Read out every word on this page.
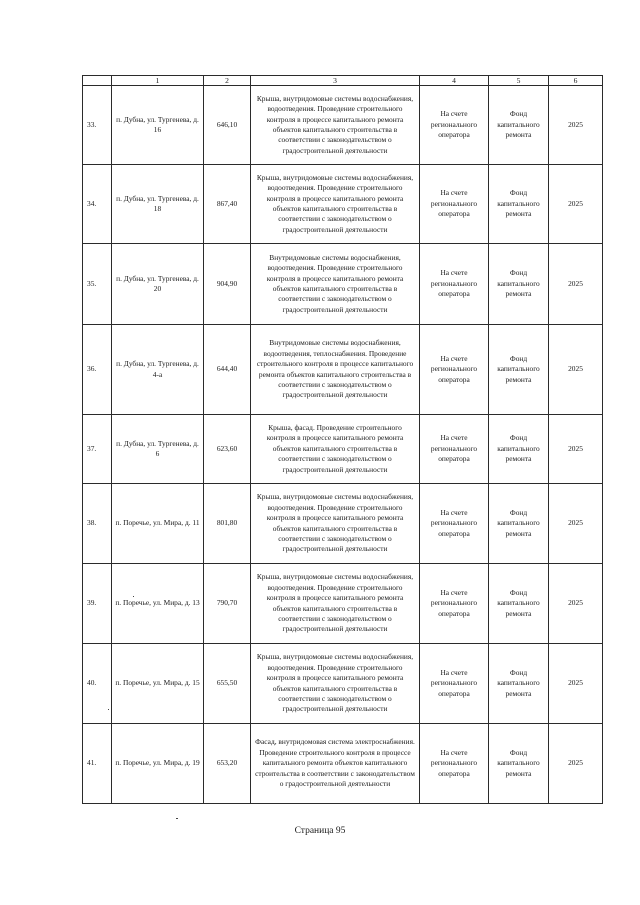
	1	2	3	4	5	6
33.	п. Дубна, ул. Тургенева, д. 16	646,10	Крыша, внутридомовые системы водоснабжения, водоотведения. Проведение строительного контроля в процессе капитального ремонта объектов капитального строительства в соответствии с законодательством о градостроительной деятельности	На счете регионального оператора	Фонд капитального ремонта	2025
34.	п. Дубна, ул. Тургенева, д. 18	867,40	Крыша, внутридомовые системы водоснабжения, водоотведения. Проведение строительного контроля в процессе капитального ремонта объектов капитального строительства в соответствии с законодательством о градостроительной деятельности	На счете регионального оператора	Фонд капитального ремонта	2025
35.	п. Дубна, ул. Тургенева, д. 20	904,90	Внутридомовые системы водоснабжения, водоотведения. Проведение строительного контроля в процессе капитального ремонта объектов капитального строительства в соответствии с законодательством о градостроительной деятельности	На счете регионального оператора	Фонд капитального ремонта	2025
36.	п. Дубна, ул. Тургенева, д. 4-а	644,40	Внутридомовые системы водоснабжения, водоотведения, теплоснабжения. Проведение строительного контроля в процессе капитального ремонта объектов капитального строительства в соответствии с законодательством о градостроительной деятельности	На счете регионального оператора	Фонд капитального ремонта	2025
37.	п. Дубна, ул. Тургенева, д. 6	623,60	Крыша, фасад. Проведение строительного контроля в процессе капитального ремонта объектов капитального строительства в соответствии с законодательством о градостроительной деятельности	На счете регионального оператора	Фонд капитального ремонта	2025
38.	п. Поречье, ул. Мира, д. 11	801,80	Крыша, внутридомовые системы водоснабжения, водоотведения. Проведение строительного контроля в процессе капитального ремонта объектов капитального строительства в соответствии с законодательством о градостроительной деятельности	На счете регионального оператора	Фонд капитального ремонта	2025
39.	п. Поречье, ул. Мира, д. 13	790,70	Крыша, внутридомовые системы водоснабжения, водоотведения. Проведение строительного контроля в процессе капитального ремонта объектов капитального строительства в соответствии с законодательством о градостроительной деятельности	На счете регионального оператора	Фонд капитального ремонта	2025
40.	п. Поречье, ул. Мира, д. 15	655,50	Крыша, внутридомовые системы водоснабжения, водоотведения. Проведение строительного контроля в процессе капитального ремонта объектов капитального строительства в соответствии с законодательством о градостроительной деятельности	На счете регионального оператора	Фонд капитального ремонта	2025
41.	п. Поречье, ул. Мира, д. 19	653,20	Фасад, внутридомовая система электроснабжения. Проведение строительного контроля в процессе капитального ремонта объектов капитального строительства в соответствии с законодательством о градостроительной деятельности	На счете регионального оператора	Фонд капитального ремонта	2025
Страница 95
